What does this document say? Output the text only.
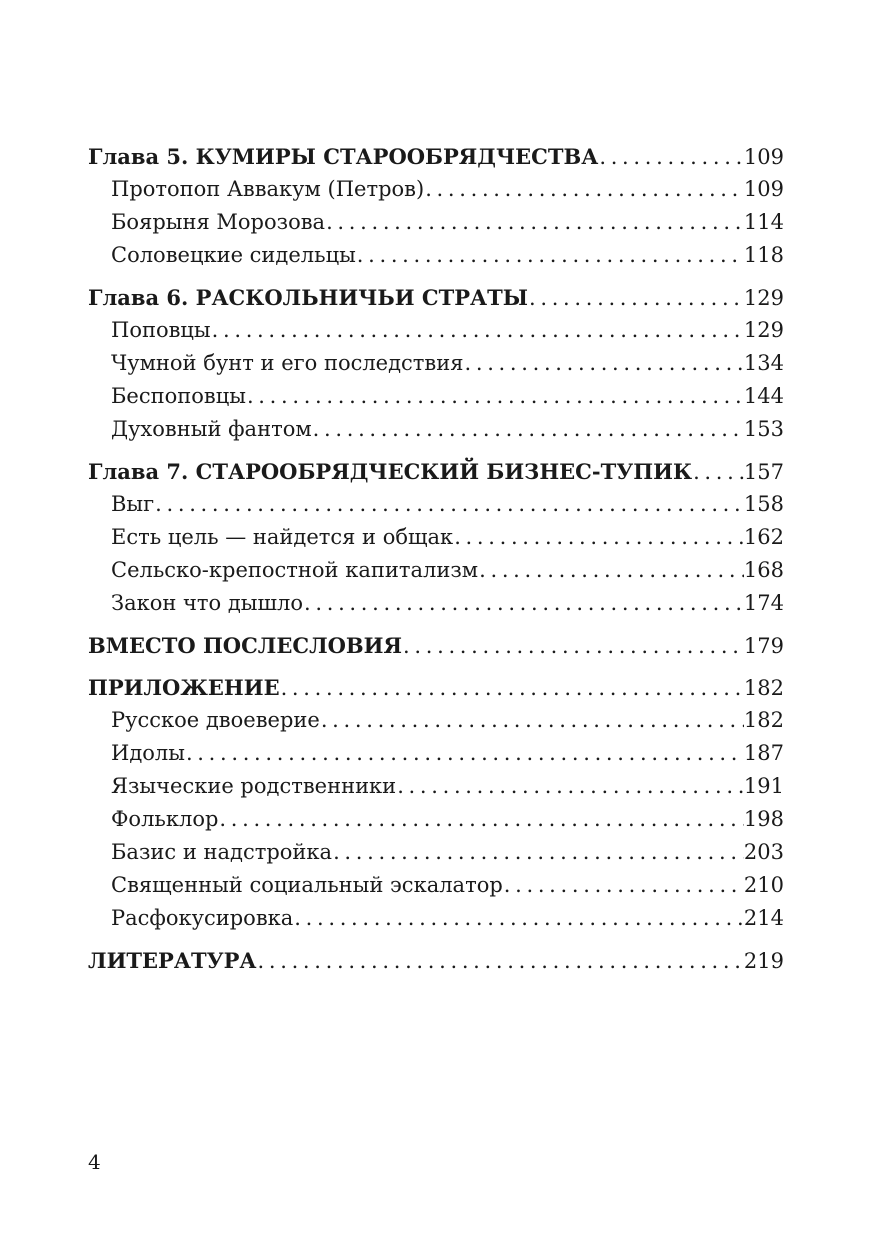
Глава 5. КУМИРЫ СТАРООБРЯДЧЕСТВА . . .	109
Протопоп Аввакум (Петров) . . .	109
Боярыня Морозова . . .	114
Соловецкие сидельцы . . .	118
Глава 6. РАСКОЛЬНИЧЬИ СТРАТЫ . . .	129
Поповцы . . .	129
Чумной бунт и его последствия . . .	134
Беспоповцы . . .	144
Духовный фантом . . .	153
Глава 7. СТАРООБРЯДЧЕСКИЙ БИЗНЕС-ТУПИК . . . 157
Выг . . .	158
Есть цель — найдется и общак . . .	162
Сельско-крепостной капитализм . . .	168
Закон что дышло . . .	174
ВМЕСТО ПОСЛЕСЛОВИЯ . . .	179
ПРИЛОЖЕНИЕ . . .	182
Русское двоеверие . . .	182
Идолы . . .	187
Языческие родственники . . .	191
Фольклор . . .	198
Базис и надстройка . . .	203
Священный социальный эскалатор . . .	210
Расфокусировка . . .	214
ЛИТЕРАТУРА . . .	219
4
